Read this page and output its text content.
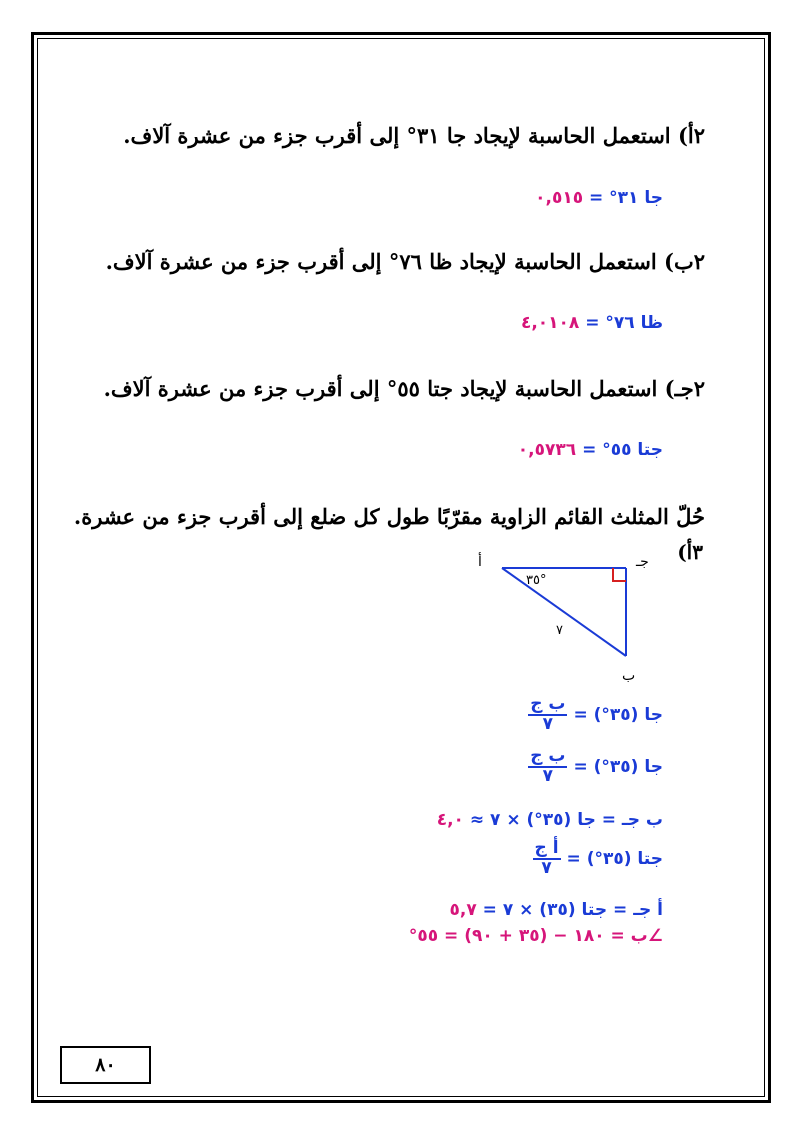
٢أ) استعمل الحاسبة لإيجاد جا ٣١° إلى أقرب جزء من عشرة آلاف.
جا ٣١° = ٠,٥١٥
٢ب) استعمل الحاسبة لإيجاد ظا ٧٦° إلى أقرب جزء من عشرة آلاف.
ظا ٧٦° = ٤,٠١٠٨
٢جـ) استعمل الحاسبة لإيجاد جتا ٥٥° إلى أقرب جزء من عشرة آلاف.
جتا ٥٥° = ٠,٥٧٣٦
حُلّ المثلث القائم الزاوية مقرّبًا طول كل ضلع إلى أقرب جزء من عشرة.
٣أ)
أ	جـ
ب
٣٥°
٧
جا (٣٥°) =
$\frac{\text{ب ج}}{٧}$
جا (٣٥°) =
$\frac{\text{ب ج}}{٧}$
ب جـ = جا (٣٥°) × ٧ ≈ ٤,٠
جتا (٣٥°) =
$\frac{\text{أ ج}}{٧}$
أ جـ = جتا (٣٥) × ٧ = ٥,٧
∠ب = ١٨٠ − (٣٥ + ٩٠) = ٥٥°
٨٠
